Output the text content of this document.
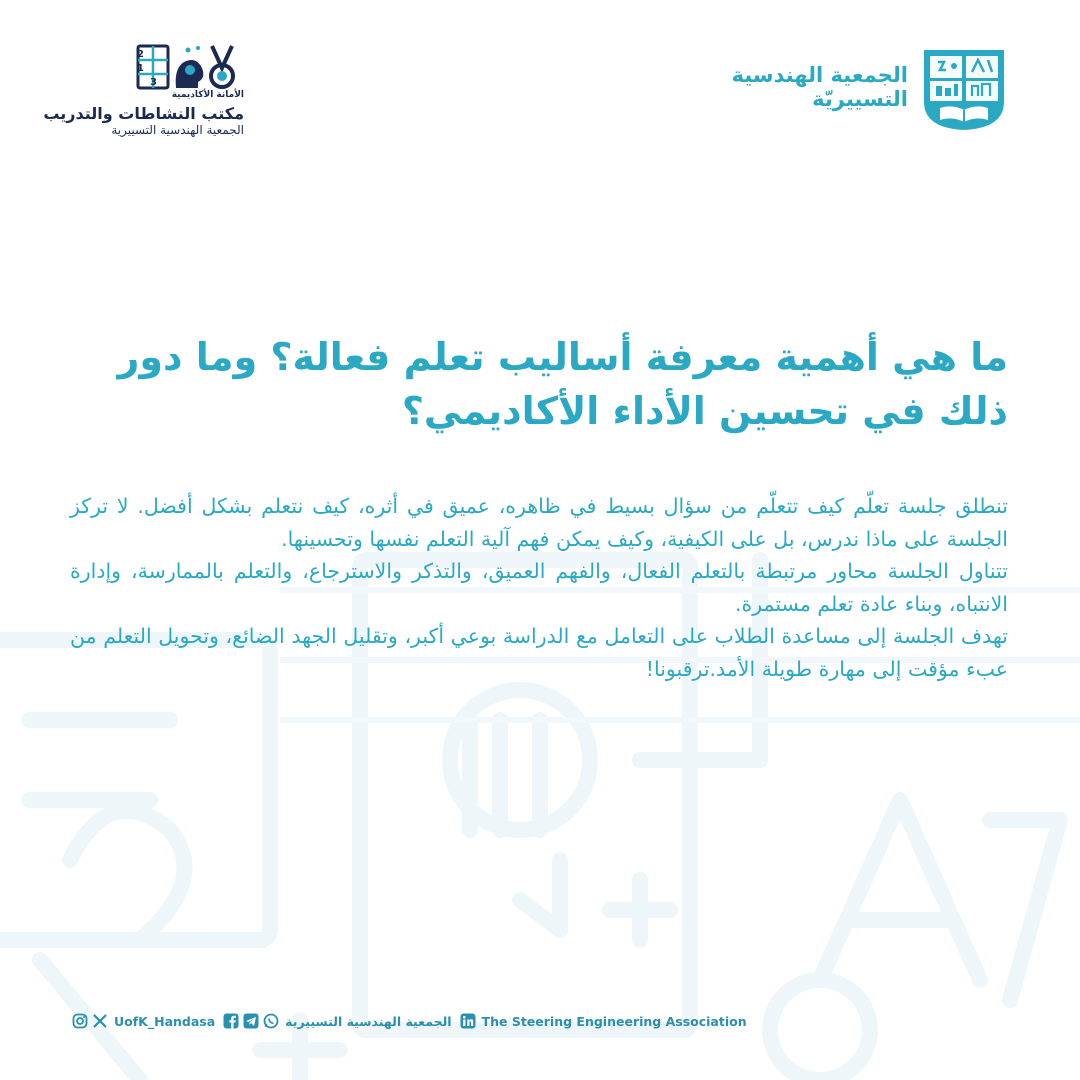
الجمعية الهندسية
التسييريّة
2
1
3
الأمانة الأكاديمية
مكتب النشاطات والتدريب
الجمعية الهندسية التسييرية
ما هي أهمية معرفة أساليب تعلم فعالة؟ وما دور ذلك في تحسين الأداء الأكاديمي؟

تنطلق جلسة تعلّم كيف تتعلّم من سؤال بسيط في ظاهره، عميق في أثره، كيف نتعلم بشكل أفضل. لا تركز الجلسة على ماذا ندرس، بل على الكيفية، وكيف يمكن فهم آلية التعلم نفسها وتحسينها.

تتناول الجلسة محاور مرتبطة بالتعلم الفعال، والفهم العميق، والتذكر والاسترجاع، والتعلم بالممارسة، وإدارة الانتباه، وبناء عادة تعلم مستمرة.

تهدف الجلسة إلى مساعدة الطلاب على التعامل مع الدراسة بوعي أكبر، وتقليل الجهد الضائع، وتحويل التعلم من عبء مؤقت إلى مهارة طويلة الأمد.ترقبونا!

UofK_Handasa	الجمعية الهندسية التسييرية The Steering Engineering Association
